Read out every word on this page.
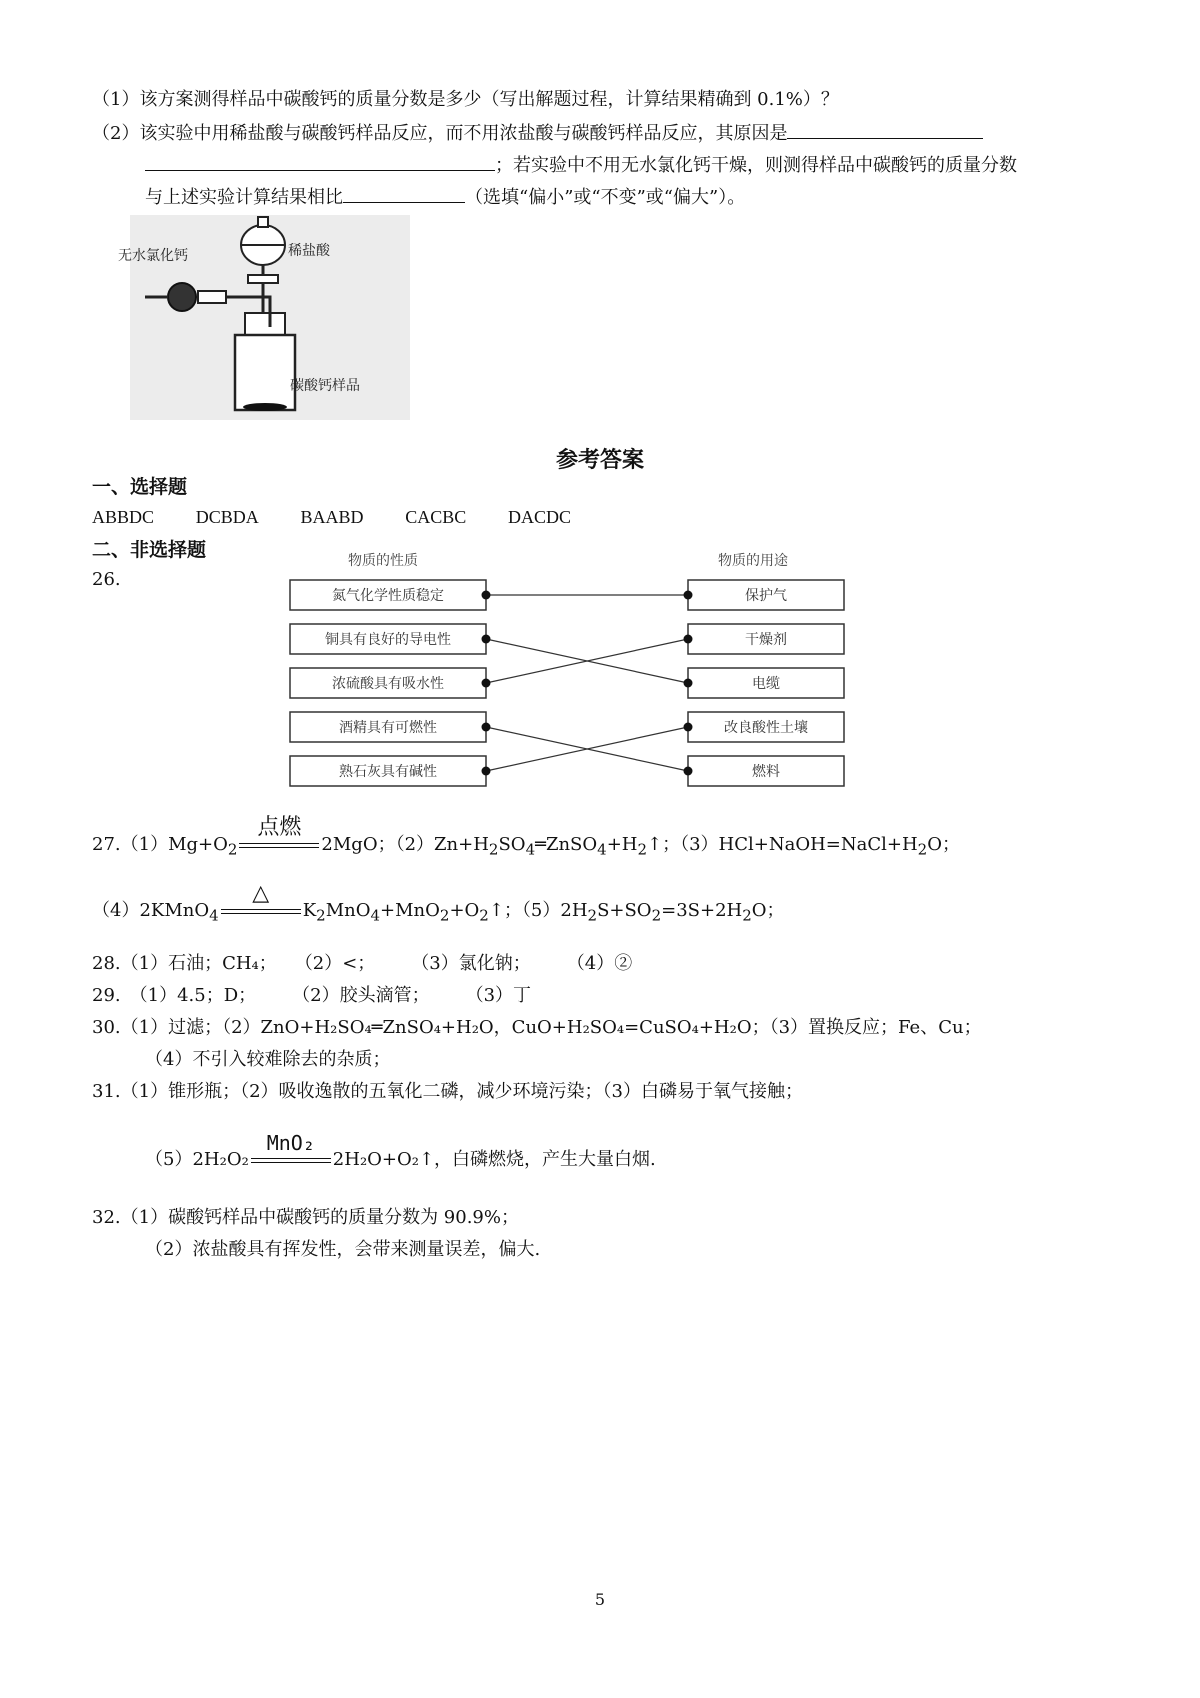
（1）该方案测得样品中碳酸钙的质量分数是多少（写出解题过程，计算结果精确到 0.1%）？
（2）该实验中用稀盐酸与碳酸钙样品反应，而不用浓盐酸与碳酸钙样品反应，其原因是
；若实验中不用无水氯化钙干燥，则测得样品中碳酸钙的质量分数
与上述实验计算结果相比	（选填“偏小”或“不变”或“偏大”）。
稀盐酸
无水氯化钙
碳酸钙样品
参考答案
一、选择题
ABBDC DCBDA BAABD CACBC DACDC
二、非选择题
26.
物质的性质	物质的用途
氮气化学性质稳定
铜具有良好的导电性
浓硫酸具有吸水性
酒精具有可燃性
熟石灰具有碱性
保护气
干燥剂
电缆
改良酸性土壤
燃料
$27.(1)Mg+O_2$
点燃
2MgO；$(2)Zn+H_2SO_4═ZnSO_4+H_2↑$；$(3)HCl+NaOH=NaCl+H_2O$；
（4）2KMnO$_4$
△
$K_2MnO_4+MnO_2+O_2↑$；$(5)2H_2S+SO_2=3S+2H_2O$；
28.（1）石油；CH₄；　　（2）<；　　　（3）氯化钠；　　　（4）②
29.　（1）4.5；D；　　　（2）胶头滴管；　　　（3）丁
30.（1）过滤；（2）ZnO+H₂SO₄═ZnSO₄+H₂O，CuO+H₂SO₄=CuSO₄+H₂O；（3）置换反应；Fe、Cu；
（4）不引入较难除去的杂质；
31.（1）锥形瓶；（2）吸收逸散的五氧化二磷，减少环境污染；（3）白磷易于氧气接触；
（5）2H₂O₂
MnO₂
2H₂O+O₂↑，白磷燃烧，产生大量白烟.
32.（1）碳酸钙样品中碳酸钙的质量分数为 90.9%；
（2）浓盐酸具有挥发性，会带来测量误差，偏大.
5
